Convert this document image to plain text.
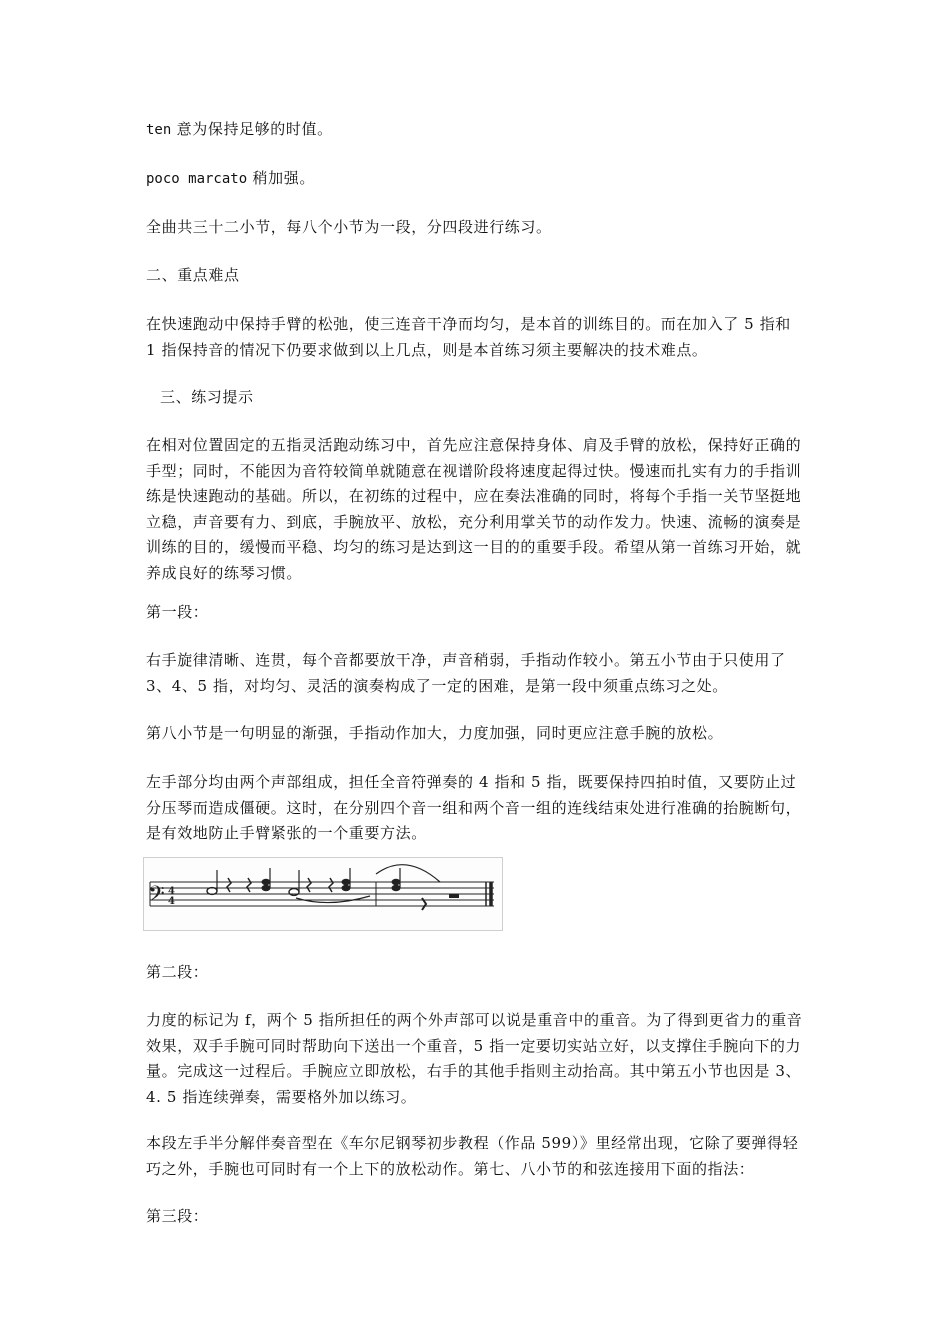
ten 意为保持足够的时值。

poco marcato 稍加强。

全曲共三十二小节，每八个小节为一段，分四段进行练习。

二、重点难点

在快速跑动中保持手臂的松弛，使三连音干净而均匀，是本首的训练目的。而在加入了 5 指和 1 指保持音的情况下仍要求做到以上几点，则是本首练习须主要解决的技术难点。

三、练习提示

在相对位置固定的五指灵活跑动练习中，首先应注意保持身体、肩及手臂的放松，保持好正确的手型；同时，不能因为音符较简单就随意在视谱阶段将速度起得过快。慢速而扎实有力的手指训练是快速跑动的基础。所以，在初练的过程中，应在奏法准确的同时，将每个手指一关节坚挺地立稳，声音要有力、到底，手腕放平、放松，充分利用掌关节的动作发力。快速、流畅的演奏是训练的目的，缓慢而平稳、均匀的练习是达到这一目的的重要手段。希望从第一首练习开始，就养成良好的练琴习惯。

第一段：

右手旋律清晰、连贯，每个音都要放干净，声音稍弱，手指动作较小。第五小节由于只使用了 3、4、5 指，对均匀、灵活的演奏构成了一定的困难，是第一段中须重点练习之处。

第八小节是一句明显的渐强，手指动作加大，力度加强，同时更应注意手腕的放松。

左手部分均由两个声部组成，担任全音符弹奏的 4 指和 5 指，既要保持四拍时值，又要防止过分压琴而造成僵硬。这时，在分别四个音一组和两个音一组的连线结束处进行准确的抬腕断句，是有效地防止手臂紧张的一个重要方法。

𝄢 4
4

第二段：

力度的标记为 f，两个 5 指所担任的两个外声部可以说是重音中的重音。为了得到更省力的重音效果，双手手腕可同时帮助向下送出一个重音，5 指一定要切实站立好，以支撑住手腕向下的力量。完成这一过程后。手腕应立即放松，右手的其他手指则主动抬高。其中第五小节也因是 3、4. 5 指连续弹奏，需要格外加以练习。

本段左手半分解伴奏音型在《车尔尼钢琴初步教程（作品 599）》里经常出现，它除了要弹得轻巧之外，手腕也可同时有一个上下的放松动作。第七、八小节的和弦连接用下面的指法：

第三段：
